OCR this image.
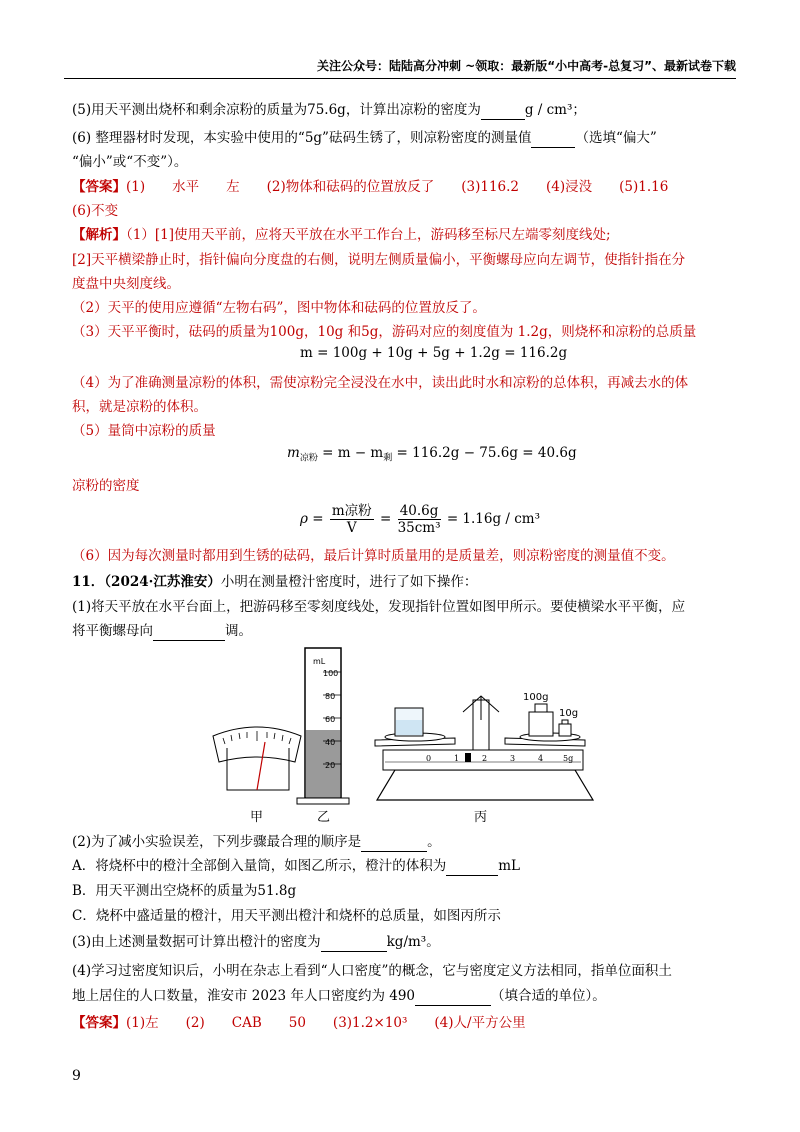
关注公众号：陆陆高分冲刺 ~领取：最新版“小中高考-总复习”、最新试卷下载
(5)用天平测出烧杯和剩余凉粉的质量为75.6g，计算出凉粉的密度为	g / cm³；
(6) 整理器材时发现，本实验中使用的“5g”砝码生锈了，则凉粉密度的测量值	（选填“偏大”
“偏小”或“不变”）。
【答案】(1)　　水平　　左　　(2)物体和砝码的位置放反了　　(3)116.2　　(4)浸没　　(5)1.16
(6)不变
【解析】（1）[1]使用天平前，应将天平放在水平工作台上，游码移至标尺左端零刻度线处;
[2]天平横梁静止时，指针偏向分度盘的右侧，说明左侧质量偏小，平衡螺母应向左调节，使指针指在分
度盘中央刻度线。
（2）天平的使用应遵循“左物右码”，图中物体和砝码的位置放反了。
（3）天平平衡时，砝码的质量为100g，10g 和5g，游码对应的刻度值为 1.2g，则烧杯和凉粉的总质量
m = 100g + 10g + 5g + 1.2g = 116.2g
（4）为了准确测量凉粉的体积，需使凉粉完全浸没在水中，读出此时水和凉粉的总体积，再减去水的体
积，就是凉粉的体积。
（5）量筒中凉粉的质量
$m_{凉粉} = m - m_剩 = 116.2g - 75.6g = 40.6g$
凉粉的密度
$\rho = \frac{\text{m凉粉}}{V} = \frac{40.6g}{\text{35cm³}} = 1.16g / cm^3$
（6）因为每次测量时都用到生锈的砝码，最后计算时质量用的是质量差，则凉粉密度的测量值不变。
11．（2024·江苏淮安）小明在测量橙汁密度时，进行了如下操作：
(1)将天平放在水平台面上，把游码移至零刻度线处，发现指针位置如图甲所示。要使横梁水平平衡，应
将平衡螺母向	调。
mL
100
80
60
40
20
100g
10g
0	1	2	3	4 5g
甲	乙	丙
(2)为了减小实验误差，下列步骤最合理的顺序是	。
A．将烧杯中的橙汁全部倒入量筒，如图乙所示，橙汁的体积为	mL
B．用天平测出空烧杯的质量为51.8g
C．烧杯中盛适量的橙汁，用天平测出橙汁和烧杯的总质量，如图丙所示
(3)由上述测量数据可计算出橙汁的密度为	kg/m³。
(4)学习过密度知识后，小明在杂志上看到“人口密度”的概念，它与密度定义方法相同，指单位面积土
地上居住的人口数量，淮安市 2023 年人口密度约为 490	（填合适的单位）。
【答案】(1)左　　(2)　　CAB　　50　　(3)1.2×10³　　(4)人/平方公里
9
